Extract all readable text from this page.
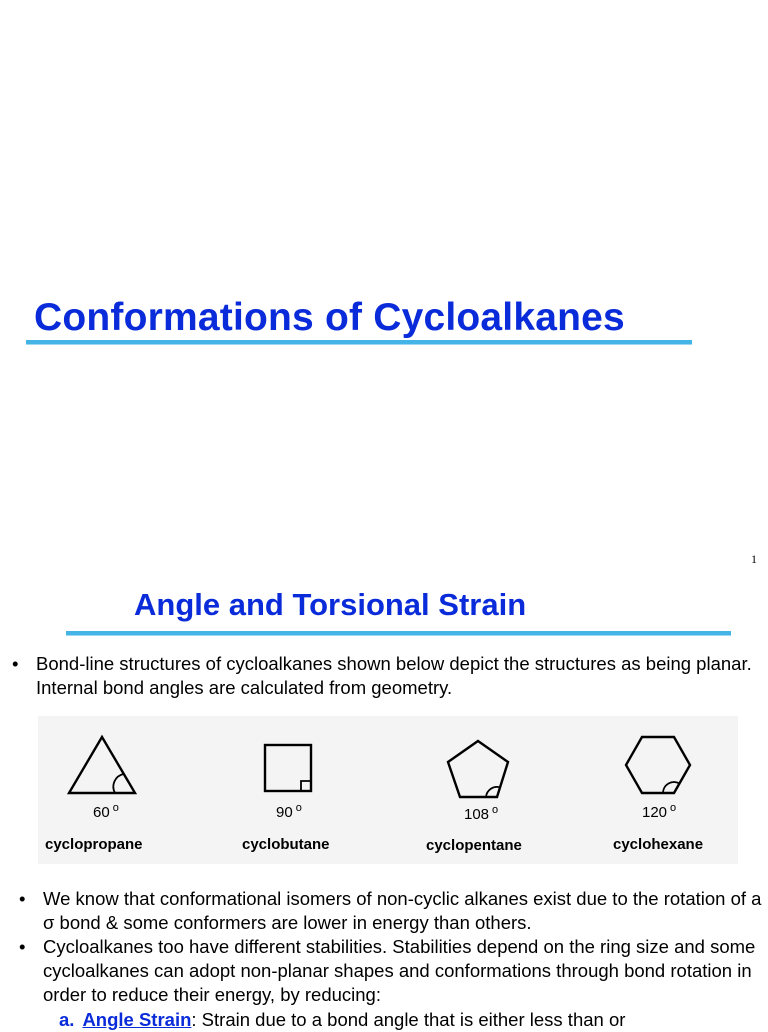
Conformations of Cycloalkanes
1
Angle and Torsional Strain
• Bond-line structures of cycloalkanes shown below depict the structures as being planar. Internal bond angles are calculated from geometry.
60 $^o$
cyclopropane
90 $^o$
cyclobutane
108 $^o$
cyclopentane
120 $^o$
cyclohexane
• We know that conformational isomers of non-cyclic alkanes exist due to the rotation of a σ bond & some conformers are lower in energy than others.
• Cycloalkanes too have different stabilities. Stabilities depend on the ring size and some cycloalkanes can adopt non-planar shapes and conformations through bond rotation in order to reduce their energy, by reducing:
a. Angle Strain: Strain due to a bond angle that is either less than or
